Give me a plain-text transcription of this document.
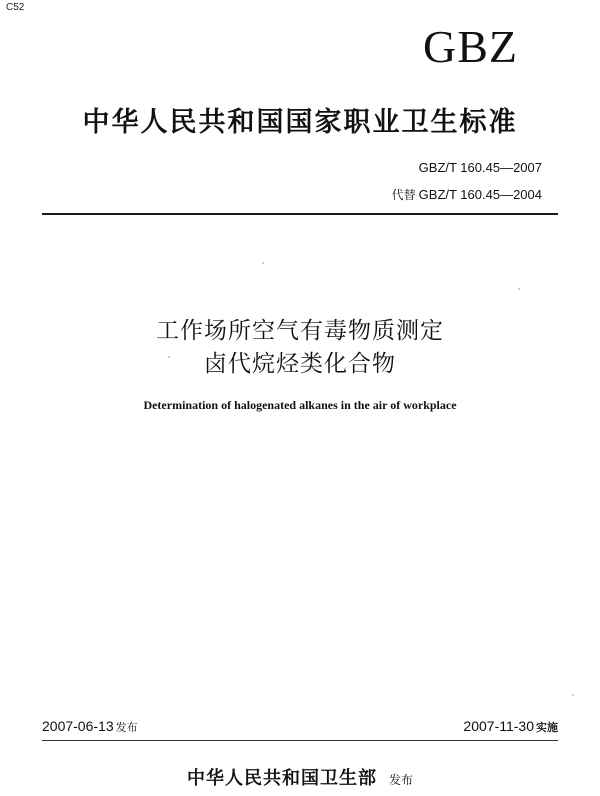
C52
GBZ
中华人民共和国国家职业卫生标准
GBZ/T 160.45—2007
代替 GBZ/T 160.45—2004
工作场所空气有毒物质测定
卤代烷烃类化合物
Determination of halogenated alkanes in the air of workplace
2007-06-13 发布	2007-11-30 实施
中华人民共和国卫生部 发布
